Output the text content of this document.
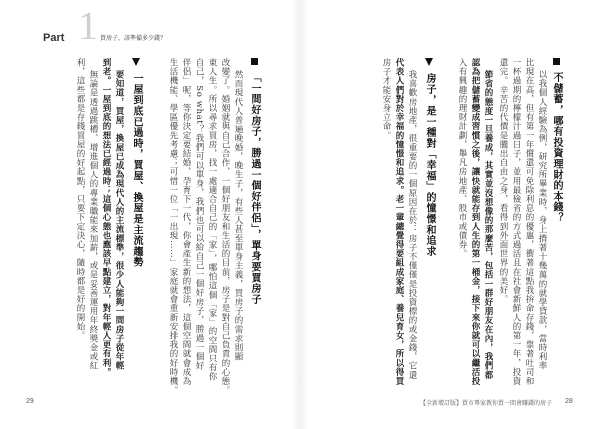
Part 1 買房子，該準備多少錢？
不儲蓄，哪有投資理財的本錢？
以我個人經驗為例，研究所畢業時，身上揹著十幾萬的就學貸款，當時利率
比現在高，但有第一年償還可免除利息的優惠，衝著這點我拚命存錢，靠著吐司和
一杯過期的檸檬汁過日子，並用最儉省的方式過活且在社會新鮮人的第一年，投資
還完。辛苦的代價是騰出自由之身，看得到外面世界的美好。
節省的態度一旦養成，其實並沒想像的那麼苦，包括一群好朋友在內，我們都
認為把儲蓄變成習慣之後，讓快就能存到人生的第一桶金，接下來你就可以繼活投
入有興趣的理財計劃，舉凡房地產、股市或債券。
房子，是一種對「幸福」的憧憬和追求
我喜歡房地產，很重要的一個原因在於：房子不僅僅是投資標的或金錢，它還
代表人們對於幸福的憧憬和追求。老一輩總覺得要組成家庭、養兒育女，所以得買
房子才能安身立命。
「一間好房子，勝過一個好伴侶」，單身要買房子
然而現代人普遍晚婚，晚生子，有些人甚至單身主義，買房子的需求則顯
改變了。婚姻就與自己合作，一個好朋友和生活的目前，房子是對自己負責的心態。
東人生。所以尋求買房，找一處適合自己的「家」，哪怕這個「家」的空間只有你
自己，So what？我們可以單身，我們也可以給自己一個好房子，勝過一個好
伴侶」呢，等你決定要結婚，孕育下一代，你會產生新的想法，這個空間就會成為
生活機能、學區優先考慮；可惜一位「一出現……」家庭就會重新安排我的好時機。
一屋到底已過時，買屋、換屋是主流趨勢
要知道，買屋，換屋已成為現代人的主流標準，很少人能夠一間房子從年輕
到老。一屋到底的想法已經過時；這個心態也應該早點建立，對年輕人更有利。
無論是透過跳槽、增進個人的專業職能來加薪，或是妥善運用年終獎金或紅
利，這些都是存錢買屋的好起點，只要下定決心，隨時都是好的開始。
29	【全新增訂版】買市專家教你買一間會賺錢的房子 28
